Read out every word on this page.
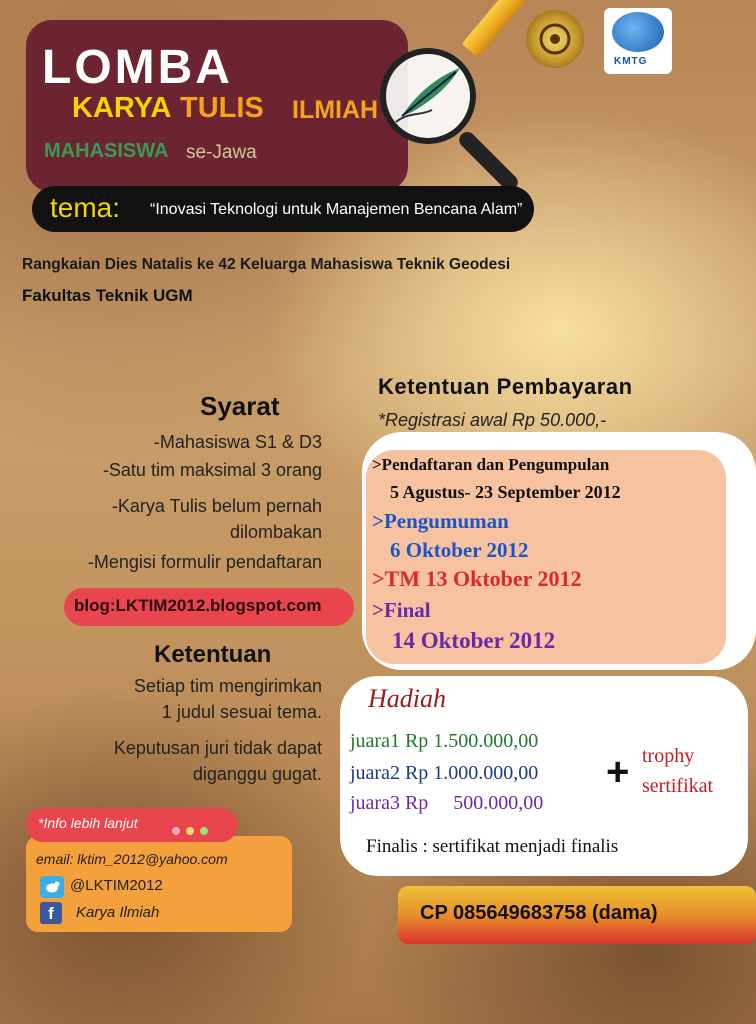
LOMBA
KARYA TULIS ILMIAH
MAHASISWA se-Jawa
tema: “Inovasi Teknologi untuk Manajemen Bencana Alam”
KMTG
Rangkaian Dies Natalis ke 42 Keluarga Mahasiswa Teknik Geodesi
Fakultas Teknik UGM
Syarat
-Mahasiswa S1 & D3
-Satu tim maksimal 3 orang
-Karya Tulis belum pernah
dilombakan
-Mengisi formulir pendaftaran
blog:LKTIM2012.blogspot.com
Ketentuan
Setiap tim mengirimkan
1 judul sesuai tema.
Keputusan juri tidak dapat
diganggu gugat.
*Info lebih lanjut
email: lktim_2012@yahoo.com
@LKTIM2012
f	Karya Ilmiah
Ketentuan Pembayaran
*Registrasi awal Rp 50.000,-
>Pendaftaran dan Pengumpulan
5 Agustus- 23 September 2012
>Pengumuman
6 Oktober 2012
>TM 13 Oktober 2012
>Final
14 Oktober 2012
Hadiah
juara1 Rp 1.500.000,00
juara2 Rp 1.000.000,00
juara3 Rp     500.000,00
+ trophy
sertifikat
Finalis : sertifikat menjadi finalis
CP 085649683758 (dama)
